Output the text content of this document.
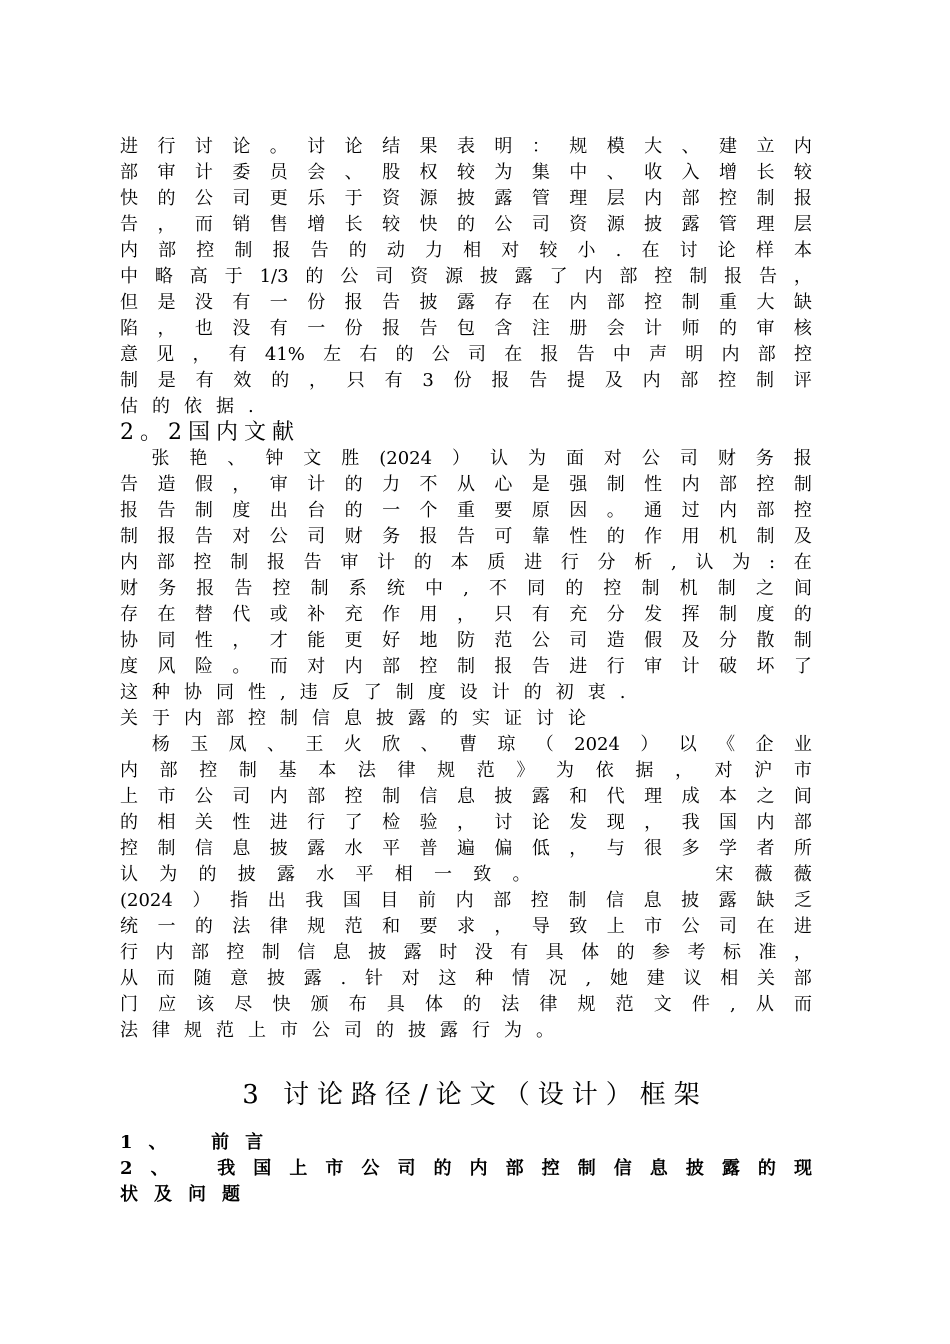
进 行 讨 论 。 讨 论 结 果 表 明 ： 规 模 大 、 建 立 内
部 审 计 委 员 会 、 股 权 较 为 集 中 、 收 入 增 长 较
快 的 公 司 更 乐 于 资 源 披 露 管 理 层 内 部 控 制 报
告 ， 而 销 售 增 长 较 快 的 公 司 资 源 披 露 管 理 层
内 部 控 制 报 告 的 动 力 相 对 较 小 . 在 讨 论 样 本
中 略 高 于 1/3 的 公 司 资 源 披 露 了 内 部 控 制 报 告 ，
但 是 没 有 一 份 报 告 披 露 存 在 内 部 控 制 重 大 缺
陷 ， 也 没 有 一 份 报 告 包 含 注 册 会 计 师 的 审 核
意 见 ， 有 41% 左 右 的 公 司 在 报 告 中 声 明 内 部 控
制 是 有 效 的 ， 只 有 3 份 报 告 提 及 内 部 控 制 评
估 的 依 据 .
2。2国内文献

张 艳 、 钟 文 胜 (2024 ） 认 为 面 对 公 司 财 务 报
告 造 假 ， 审 计 的 力 不 从 心 是 强 制 性 内 部 控 制
报 告 制 度 出 台 的 一 个 重 要 原 因 。 通 过 内 部 控
制 报 告 对 公 司 财 务 报 告 可 靠 性 的 作 用 机 制 及
内 部 控 制 报 告 审 计 的 本 质 进 行 分 析 , 认 为 : 在
财 务 报 告 控 制 系 统 中 , 不 同 的 控 制 机 制 之 间
存 在 替 代 或 补 充 作 用 ， 只 有 充 分 发 挥 制 度 的
协 同 性 ， 才 能 更 好 地 防 范 公 司 造 假 及 分 散 制
度 风 险 。 而 对 内 部 控 制 报 告 进 行 审 计 破 坏 了
这 种 协 同 性 , 违 反 了 制 度 设 计 的 初 衷 .
关 于 内 部 控 制 信 息 披 露 的 实 证 讨 论

杨 玉 凤 、 王 火 欣 、 曹 琼 （ 2024 ） 以 《 企 业
内 部 控 制 基 本 法 律 规 范 》 为 依 据 ， 对 沪 市
上 市 公 司 内 部 控 制 信 息 披 露 和 代 理 成 本 之 间
的 相 关 性 进 行 了 检 验 ， 讨 论 发 现 ， 我 国 内 部
控 制 信 息 披 露 水 平 普 遍 偏 低 ， 与 很 多 学 者 所
认 为 的 披 露 水 平 相 一 致 。

	宋 薇 薇
(2024 ） 指 出 我 国 目 前 内 部 控 制 信 息 披 露 缺 乏
统 一 的 法 律 规 范 和 要 求 ， 导 致 上 市 公 司 在 进
行 内 部 控 制 信 息 披 露 时 没 有 具 体 的 参 考 标 准 ，
从 而 随 意 披 露 . 针 对 这 种 情 况 , 她 建 议 相 关 部
门 应 该 尽 快 颁 布 具 体 的 法 律 规 范 文 件 , 从 而
法 律 规 范 上 市 公 司 的 披 露 行 为 。
3 讨论路径/论文（设计）框架
1 、
前 言
2 、
	我 国 上 市 公 司 的 内 部 控 制 信 息 披 露 的 现
状 及 问 题
